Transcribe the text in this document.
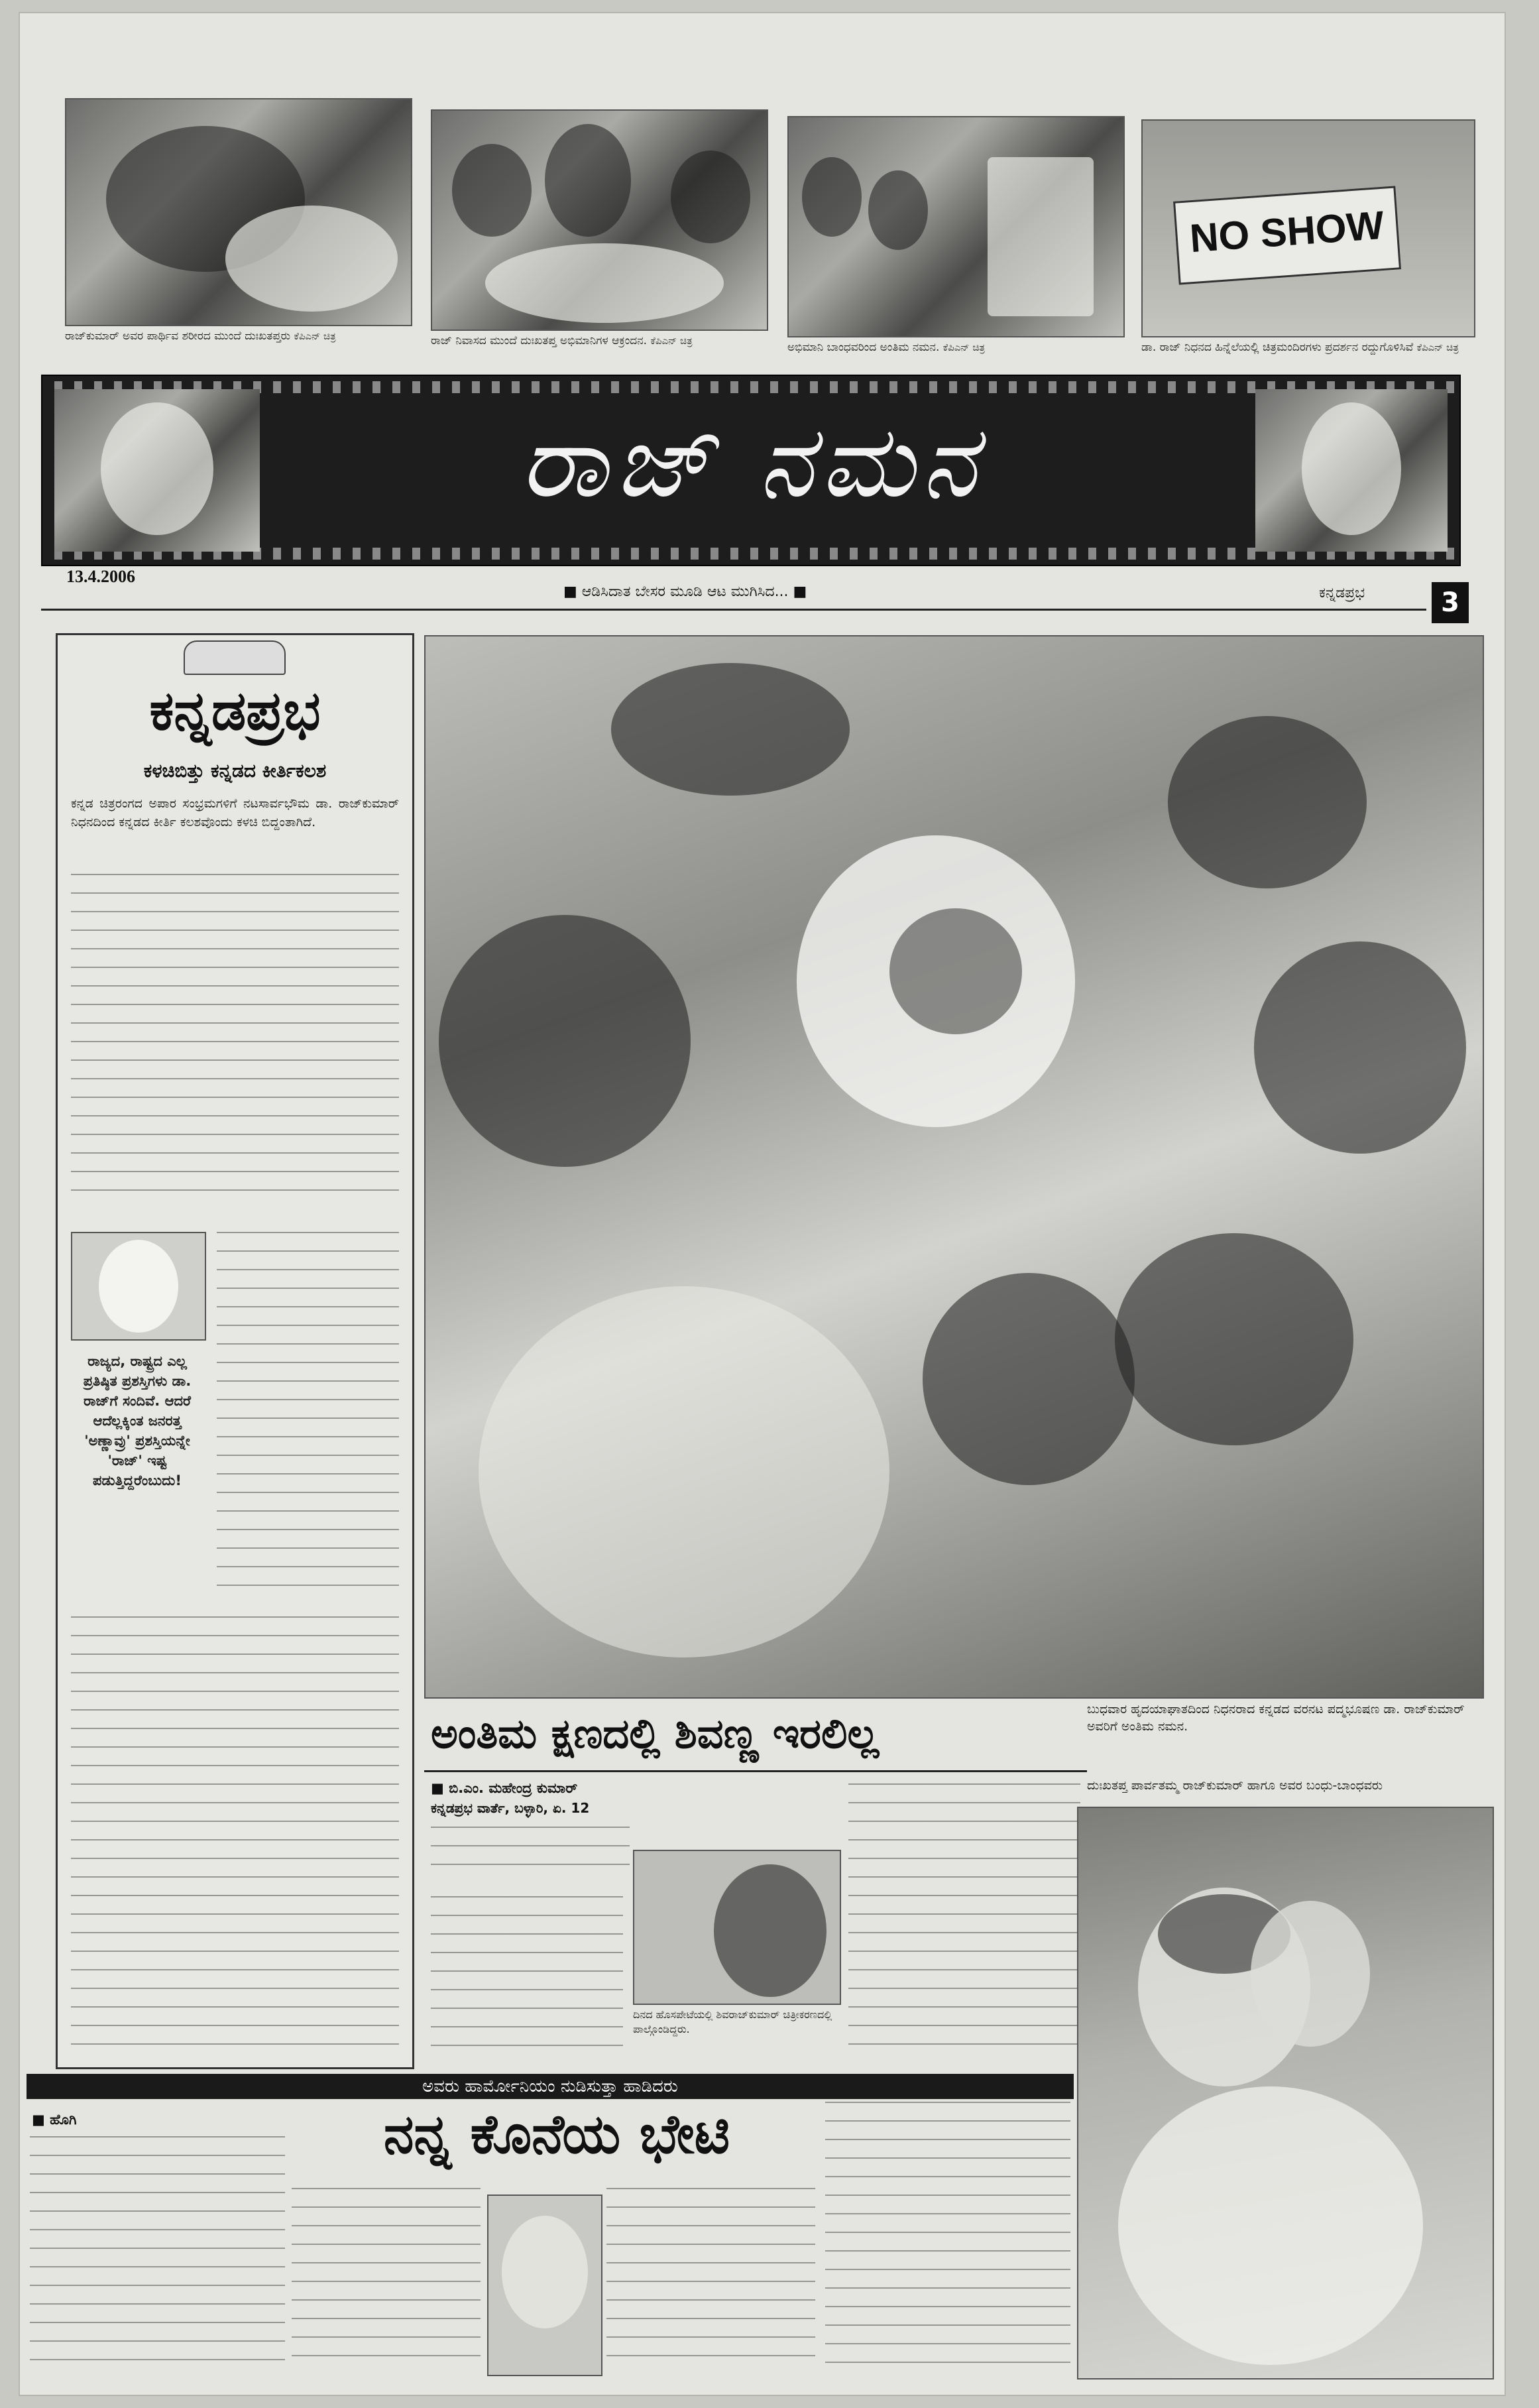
ರಾಜ್‌ಕುಮಾರ್ ಅವರ ಪಾರ್ಥಿವ ಶರೀರದ ಮುಂದೆ ದುಃಖತಪ್ತರು ಕೆಪಿಎನ್ ಚಿತ್ರ	ರಾಜ್ ನಿವಾಸದ ಮುಂದೆ ದುಃಖತಪ್ತ ಅಭಿಮಾನಿಗಳ ಆಕ್ರಂದನ. ಕೆಪಿಎನ್ ಚಿತ್ರ	ಅಭಿಮಾನಿ ಬಾಂಧವರಿಂದ ಅಂತಿಮ ನಮನ. ಕೆಪಿಎನ್ ಚಿತ್ರ
NO SHOW
ಡಾ. ರಾಜ್ ನಿಧನದ ಹಿನ್ನೆಲೆಯಲ್ಲಿ ಚಿತ್ರಮಂದಿರಗಳು ಪ್ರದರ್ಶನ ರದ್ದುಗೊಳಿಸಿವೆ ಕೆಪಿಎನ್ ಚಿತ್ರ
ರಾಜ್ ನಮನ
13.4.2006
■ ಆಡಿಸಿದಾತ ಬೇಸರ ಮೂಡಿ ಆಟ ಮುಗಿಸಿದ... ■	ಕನ್ನಡಪ್ರಭ	3
ಕನ್ನಡಪ್ರಭ
ಕಳಚಿಬಿತ್ತು ಕನ್ನಡದ ಕೀರ್ತಿಕಲಶ
ಕನ್ನಡ ಚಿತ್ರರಂಗದ ಅಪಾರ ಸಂಭ್ರಮಗಳಿಗೆ ನಟಸಾರ್ವಭೌಮ ಡಾ. ರಾಜ್‌ಕುಮಾರ್ ನಿಧನದಿಂದ ಕನ್ನಡದ ಕೀರ್ತಿ ಕಲಶವೊಂದು ಕಳಚಿ ಬಿದ್ದಂತಾಗಿದೆ.
ರಾಜ್ಯದ, ರಾಷ್ಟ್ರದ ಎಲ್ಲ ಪ್ರತಿಷ್ಠಿತ ಪ್ರಶಸ್ತಿಗಳು ಡಾ. ರಾಜ್‌ಗೆ ಸಂದಿವೆ. ಆದರೆ ಆದೆಲ್ಲಕ್ಕಿಂತ ಜನರತ್ತ 'ಅಣ್ಣಾವ್ರು' ಪ್ರಶಸ್ತಿಯನ್ನೇ 'ರಾಜ್' ಇಷ್ಟ ಪಡುತ್ತಿದ್ದರೆಂಬುದು!
ಬುಧವಾರ ಹೃದಯಾಘಾತದಿಂದ ನಿಧನರಾದ ಕನ್ನಡದ ವರನಟ ಪದ್ಮಭೂಷಣ ಡಾ. ರಾಜ್‌ಕುಮಾರ್ ಅವರಿಗೆ ಅಂತಿಮ ನಮನ.
ಅಂತಿಮ ಕ್ಷಣದಲ್ಲಿ ಶಿವಣ್ಣ ಇರಲಿಲ್ಲ
■ ಬಿ.ಎಂ. ಮಹೇಂದ್ರ ಕುಮಾರ್
ಕನ್ನಡಪ್ರಭ ವಾರ್ತೆ, ಬಳ್ಳಾರಿ, ಏ. 12
ದಿನದ ಹೊಸಪೇಟೆಯಲ್ಲಿ ಶಿವರಾಜ್‌ಕುಮಾರ್ ಚಿತ್ರೀಕರಣದಲ್ಲಿ ಪಾಲ್ಗೊಂಡಿದ್ದರು.
ದುಃಖತಪ್ತ ಪಾರ್ವತಮ್ಮ ರಾಜ್‌ಕುಮಾರ್ ಹಾಗೂ ಅವರ ಬಂಧು-ಬಾಂಧವರು
ಅವರು ಹಾರ್ಮೋನಿಯಂ ನುಡಿಸುತ್ತಾ ಹಾಡಿದರು
■ ಹೊಗಿ	ನನ್ನ ಕೊನೆಯ ಭೇಟಿ
